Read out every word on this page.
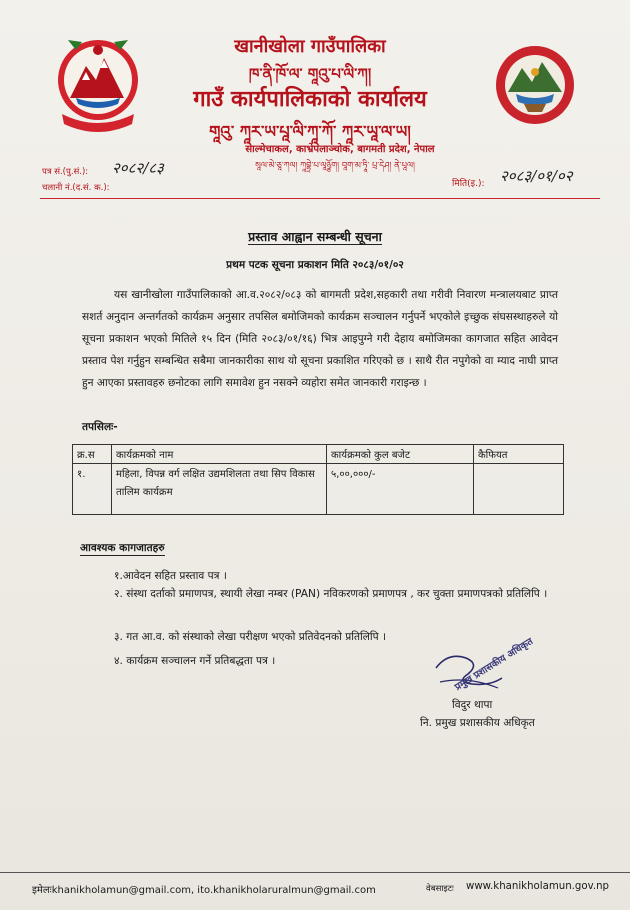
खानीखोला गाउँपालिका
ཁ་ནི་ཁོ་ལ་ གཱའུ་པ་ལི་ཀ།
गाउँ कार्यपालिकाको कार्यालय
གཱའུ་ ཀཱར་ཡ་པཱ་ལི་ཀཱ་ཀོ་ ཀཱར་ཡཱ་ལ་ཡ།
साल्मेचाकल, काभ्रेपलाञ्चोक, बागमती प्रदेश, नेपाल
སཱལ་མེ་ཅཱ་ཀལ། ཀཱབྷྲེ་པ་ལཱཉྩོག། བཱག་མ་ཏཱི་ པྲ་དེཤ། ནེ་པཱལ།
पत्र सं.(पु.सं.): २०८२/८३
चलानी नं.(द.सं. क.):	मिति(इ.): २०८३/०१/०२
प्रस्ताव आह्वान सम्बन्धी सूचना
प्रथम पटक सूचना प्रकाशन मिति २०८३/०१/०२
यस खानीखोला गाउँपालिकाको आ.व.२०८२/०८३ को बागमती प्रदेश,सहकारी तथा गरीवी निवारण मन्त्रालयबाट प्राप्त सशर्त अनुदान अन्तर्गतको कार्यक्रम अनुसार तपसिल बमोजिमको कार्यक्रम सञ्चालन गर्नुपर्ने भएकोले इच्छुक संघसस्थाहरुले यो सूचना प्रकाशन भएको मितिले १५ दिन (मिति २०८३/०१/१६) भित्र आइपुग्ने गरी देहाय बमोजिमका कागजात सहित आवेदन प्रस्ताव पेश गर्नुहुन सम्बन्धित सबैमा जानकारीका साथ यो सूचना प्रकाशित गरिएको छ । साथै रीत नपुगेको वा म्याद नाघी प्राप्त हुन आएका प्रस्तावहरु छनोटका लागि समावेश हुन नसक्ने व्यहोरा समेत जानकारी गराइन्छ ।
तपसिलः-
क्र.स	कार्यक्रमको नाम	कार्यक्रमको कुल बजेट	कैफियत
१.	महिला, विपन्न वर्ग लक्षित उद्यमशिलता तथा सिप विकास तालिम कार्यक्रम	५,००,०००/-	
आवश्यक कागजातहरु
१.आवेदन सहित प्रस्ताव पत्र ।
२. संस्था दर्ताको प्रमाणपत्र, स्थायी लेखा नम्बर (PAN) नविकरणको प्रमाणपत्र , कर चुक्ता प्रमाणपत्रको प्रतिलिपि ।
३. गत आ.व. को संस्थाको लेखा परीक्षण भएको प्रतिवेदनको प्रतिलिपि ।
४. कार्यक्रम सञ्चालन गर्ने प्रतिबद्धता पत्र ।	प्रमुख प्रशासकीय अधिकृत
विदुर थापा
नि. प्रमुख प्रशासकीय अधिकृत
इमेलःkhanikholamun@gmail.com, ito.khanikholaruralmun@gmail.com	वेबसाइटः www.khanikholamun.gov.np
